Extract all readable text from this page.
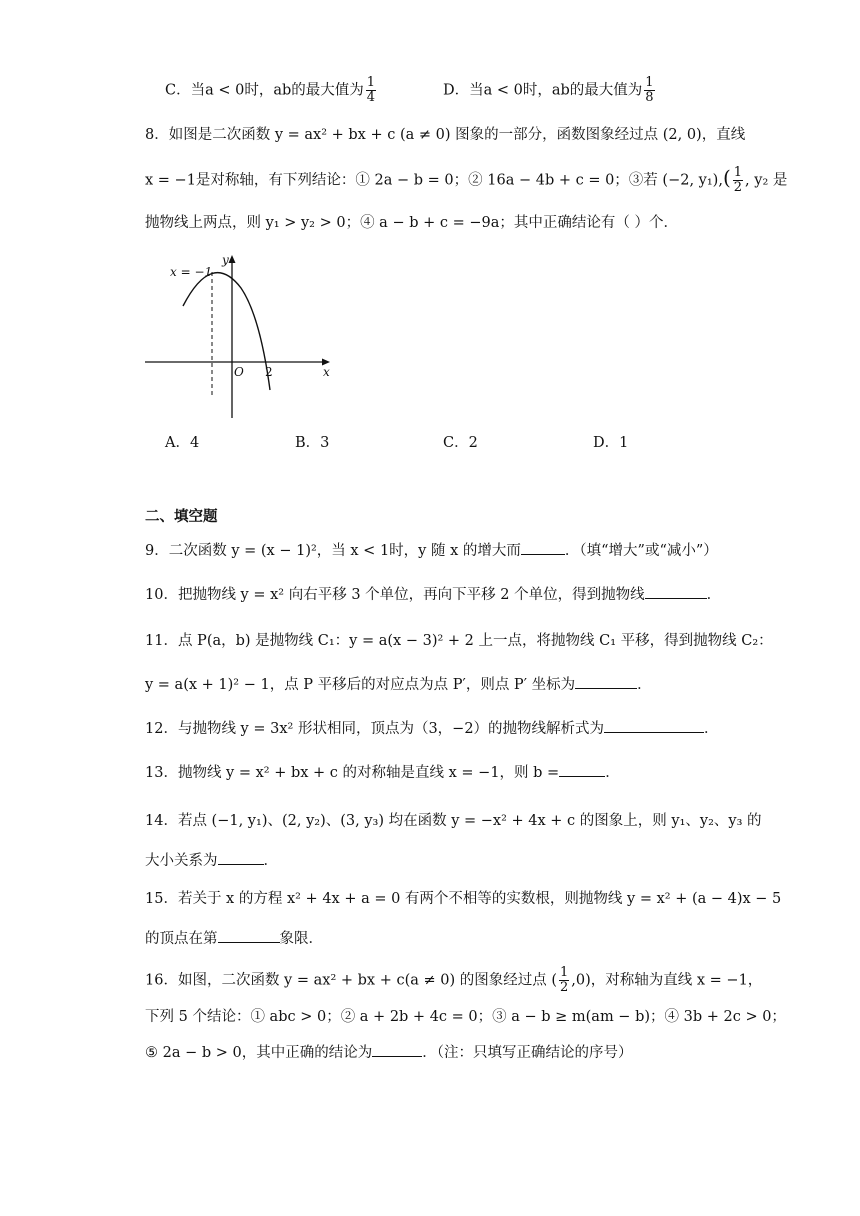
C．当a < 0时，ab的最大值为 $\frac{1}{4}$	D．当a < 0时，ab的最大值为 $\frac{1}{8}$
8．如图是二次函数 y = ax² + bx + c (a ≠ 0) 图象的一部分，函数图象经过点 (2, 0)，直线
x = −1是对称轴，有下列结论：① 2a − b = 0；② 16a − 4b + c = 0；③若 (−2, $y_1),( \frac{1}{2}$ , y₂ 是
抛物线上两点，则 y₁ > y₂ > 0；④ a − b + c = −9a；其中正确结论有（ ）个．
x = −1
y
x
O 2
A．4	B．3	C．2	D．1
二、填空题
9．二次函数 y = (x − 1)²，当 x < 1时，y 随 x 的增大而	．（填“增大”或“减小”）
10．把抛物线 y = x² 向右平移 3 个单位，再向下平移 2 个单位，得到抛物线	．
11．点 P(a，b) 是抛物线 C₁：y = a(x − 3)² + 2 上一点，将抛物线 C₁ 平移，得到抛物线 C₂：
y = a(x + 1)² − 1，点 P 平移后的对应点为点 P′，则点 P′ 坐标为	．
12．与抛物线 y = 3x² 形状相同，顶点为（3，−2）的抛物线解析式为	．
13．抛物线 y = x² + bx + c 的对称轴是直线 x = −1，则 b =	．
14．若点 (−1, y₁)、(2, y₂)、(3, y₃) 均在函数 y = −x² + 4x + c 的图象上，则 y₁、y₂、y₃ 的
大小关系为	．
15．若关于 x 的方程 x² + 4x + a = 0 有两个不相等的实数根，则抛物线 y = x² + (a − 4)x − 5
的顶点在第	象限．
16．如图，二次函数 y = ax² + bx + c(a ≠ 0) 的图象经过点 ( $\frac{1}{2} ,0$)，对称轴为直线 x = −1，
下列 5 个结论：① abc > 0；② a + 2b + 4c = 0；③ a − b ≥ m(am − b)；④ 3b + 2c > 0；
⑤ 2a − b > 0，其中正确的结论为	．（注：只填写正确结论的序号）
